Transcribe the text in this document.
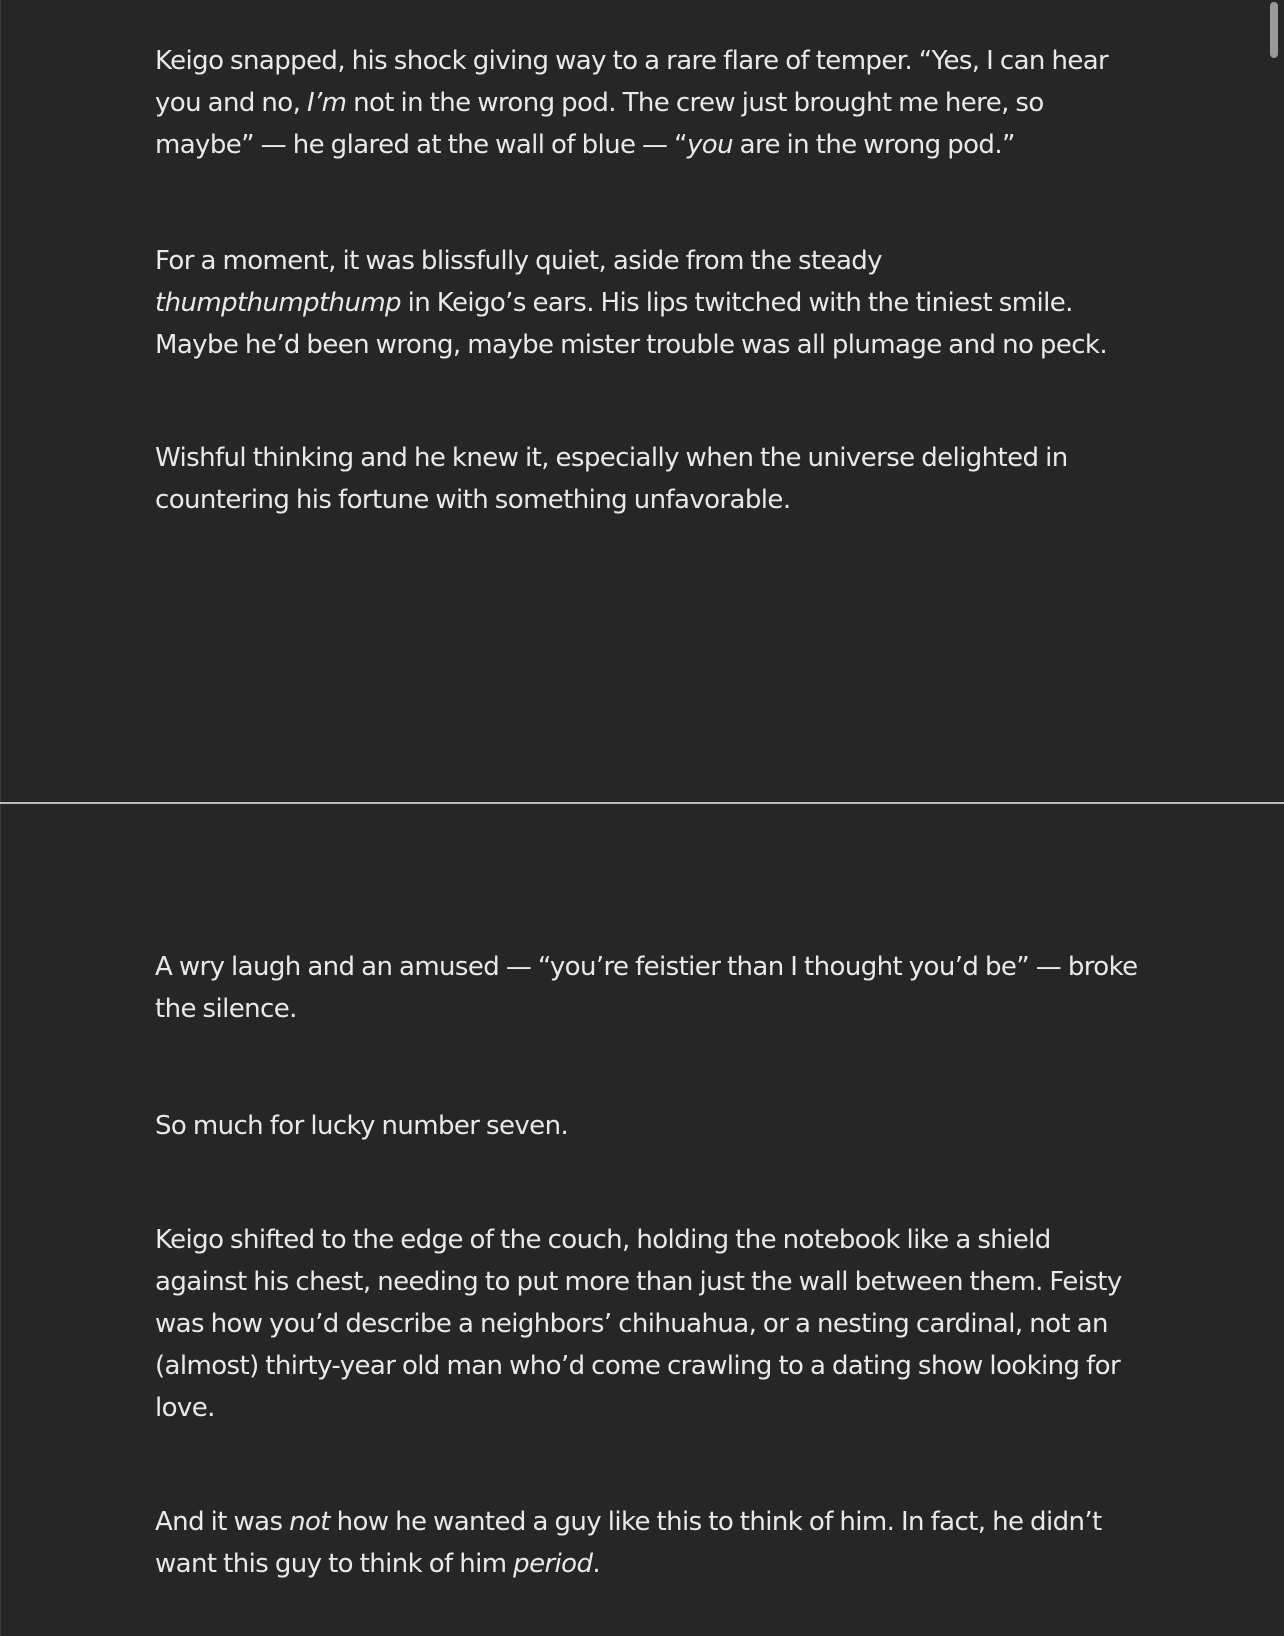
Keigo snapped, his shock giving way to a rare flare of temper. “Yes, I can hear
you and no, I’m not in the wrong pod. The crew just brought me here, so
maybe” — he glared at the wall of blue — “you are in the wrong pod.”

For a moment, it was blissfully quiet, aside from the steady
thumpthumpthump in Keigo’s ears. His lips twitched with the tiniest smile.
Maybe he’d been wrong, maybe mister trouble was all plumage and no peck.

Wishful thinking and he knew it, especially when the universe delighted in
countering his fortune with something unfavorable.

A wry laugh and an amused — “you’re feistier than I thought you’d be” — broke
the silence.

So much for lucky number seven.

Keigo shifted to the edge of the couch, holding the notebook like a shield
against his chest, needing to put more than just the wall between them. Feisty
was how you’d describe a neighbors’ chihuahua, or a nesting cardinal, not an
(almost) thirty-year old man who’d come crawling to a dating show looking for
love.

And it was not how he wanted a guy like this to think of him. In fact, he didn’t
want this guy to think of him period.
